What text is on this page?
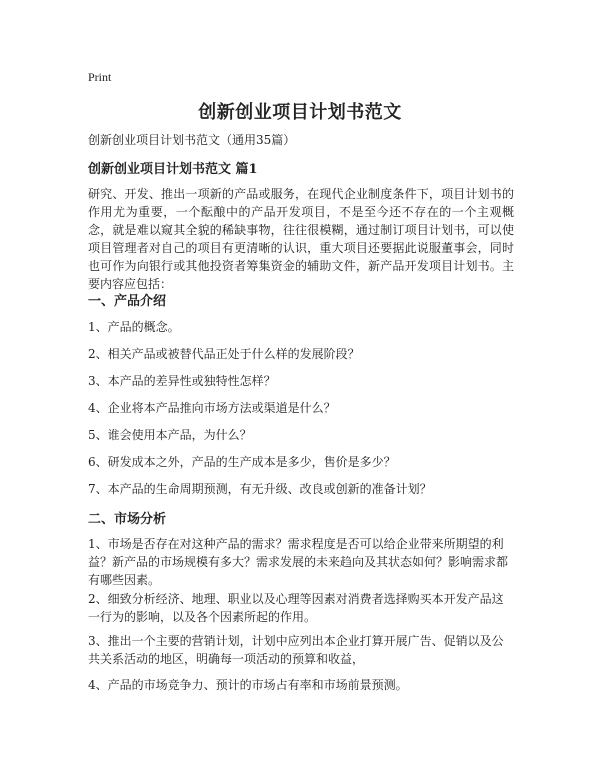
Print
创新创业项目计划书范文
创新创业项目计划书范文（通用35篇）
创新创业项目计划书范文 篇1
研究、开发、推出一项新的产品或服务，在现代企业制度条件下，项目计划书的作用尤为重要，一个酝酿中的产品开发项目，不是至今还不存在的一个主观概念，就是难以窥其全貌的稀缺事物，往往很模糊，通过制订项目计划书，可以使项目管理者对自己的项目有更清晰的认识，重大项目还要据此说服董事会，同时也可作为向银行或其他投资者筹集资金的辅助文件，新产品开发项目计划书。主要内容应包括：
一、产品介绍
1、产品的概念。
2、相关产品或被替代品正处于什么样的发展阶段？
3、本产品的差异性或独特性怎样？
4、企业将本产品推向市场方法或渠道是什么？
5、谁会使用本产品，为什么？
6、研发成本之外，产品的生产成本是多少，售价是多少？
7、本产品的生命周期预测，有无升级、改良或创新的准备计划？
二、市场分析
1、市场是否存在对这种产品的需求？需求程度是否可以给企业带来所期望的利益？新产品的市场规模有多大？需求发展的未来趋向及其状态如何？影响需求都有哪些因素。
2、细致分析经济、地理、职业以及心理等因素对消费者选择购买本开发产品这一行为的影响，以及各个因素所起的作用。
3、推出一个主要的营销计划，计划中应列出本企业打算开展广告、促销以及公共关系活动的地区，明确每一项活动的预算和收益，
4、产品的市场竞争力、预计的市场占有率和市场前景预测。
